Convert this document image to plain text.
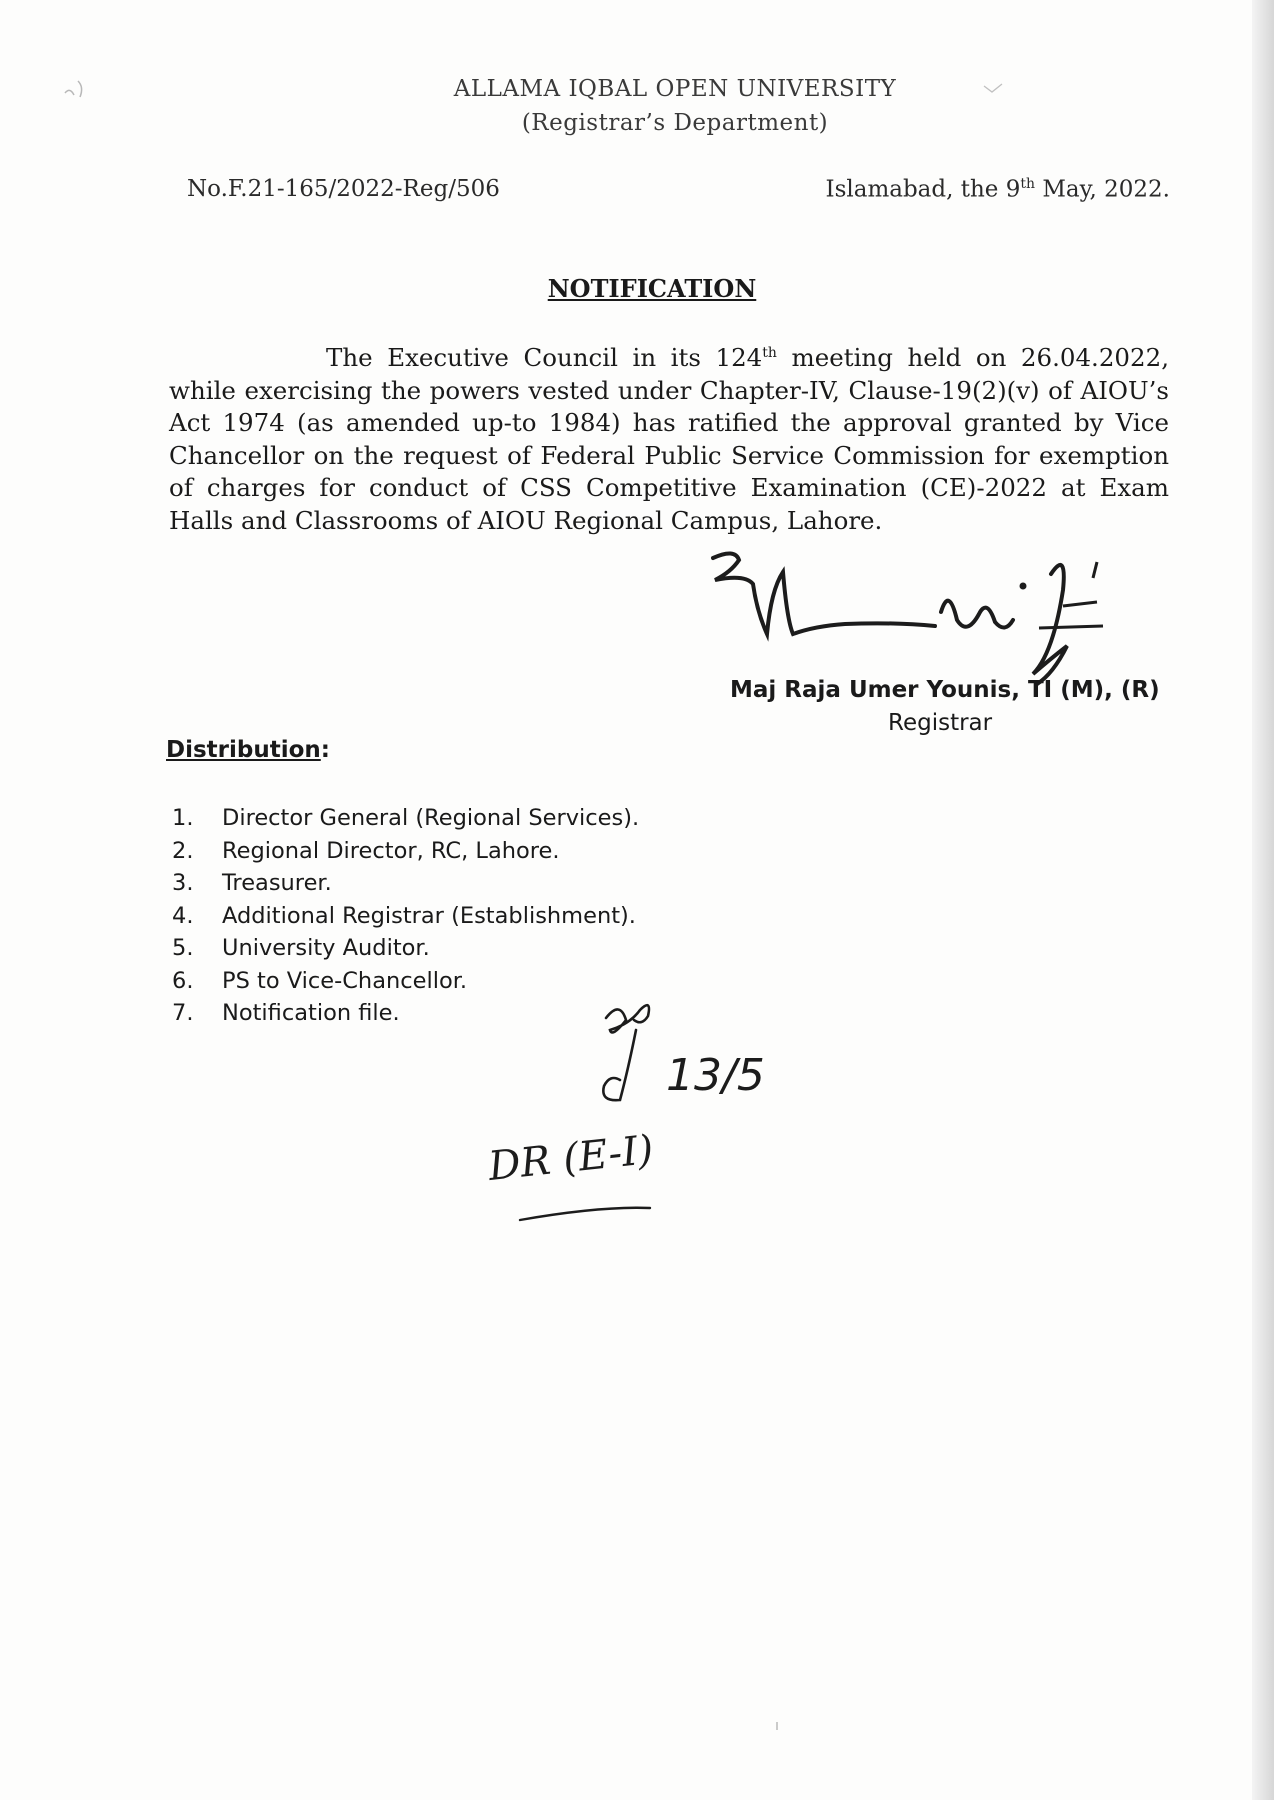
ALLAMA IQBAL OPEN UNIVERSITY
(Registrar’s Department)
No.F.21-165/2022-Reg/506	Islamabad, the 9th May, 2022.
NOTIFICATION
The Executive Council in its 124th meeting held on 26.04.2022, while exercising the powers vested under Chapter-IV, Clause-19(2)(v) of AIOU’s Act 1974 (as amended up-to 1984) has ratified the approval granted by Vice Chancellor on the request of Federal Public Service Commission for exemption of charges for conduct of CSS Competitive Examination (CE)-2022 at Exam Halls and Classrooms of AIOU Regional Campus, Lahore.
Maj Raja Umer Younis, TI (M), (R)
Registrar
Distribution:
1. Director General (Regional Services).
2. Regional Director, RC, Lahore.
3. Treasurer.
4. Additional Registrar (Establishment).
5. University Auditor.
6. PS to Vice-Chancellor.
7. Notification file.
13/5
DR (E-I)
